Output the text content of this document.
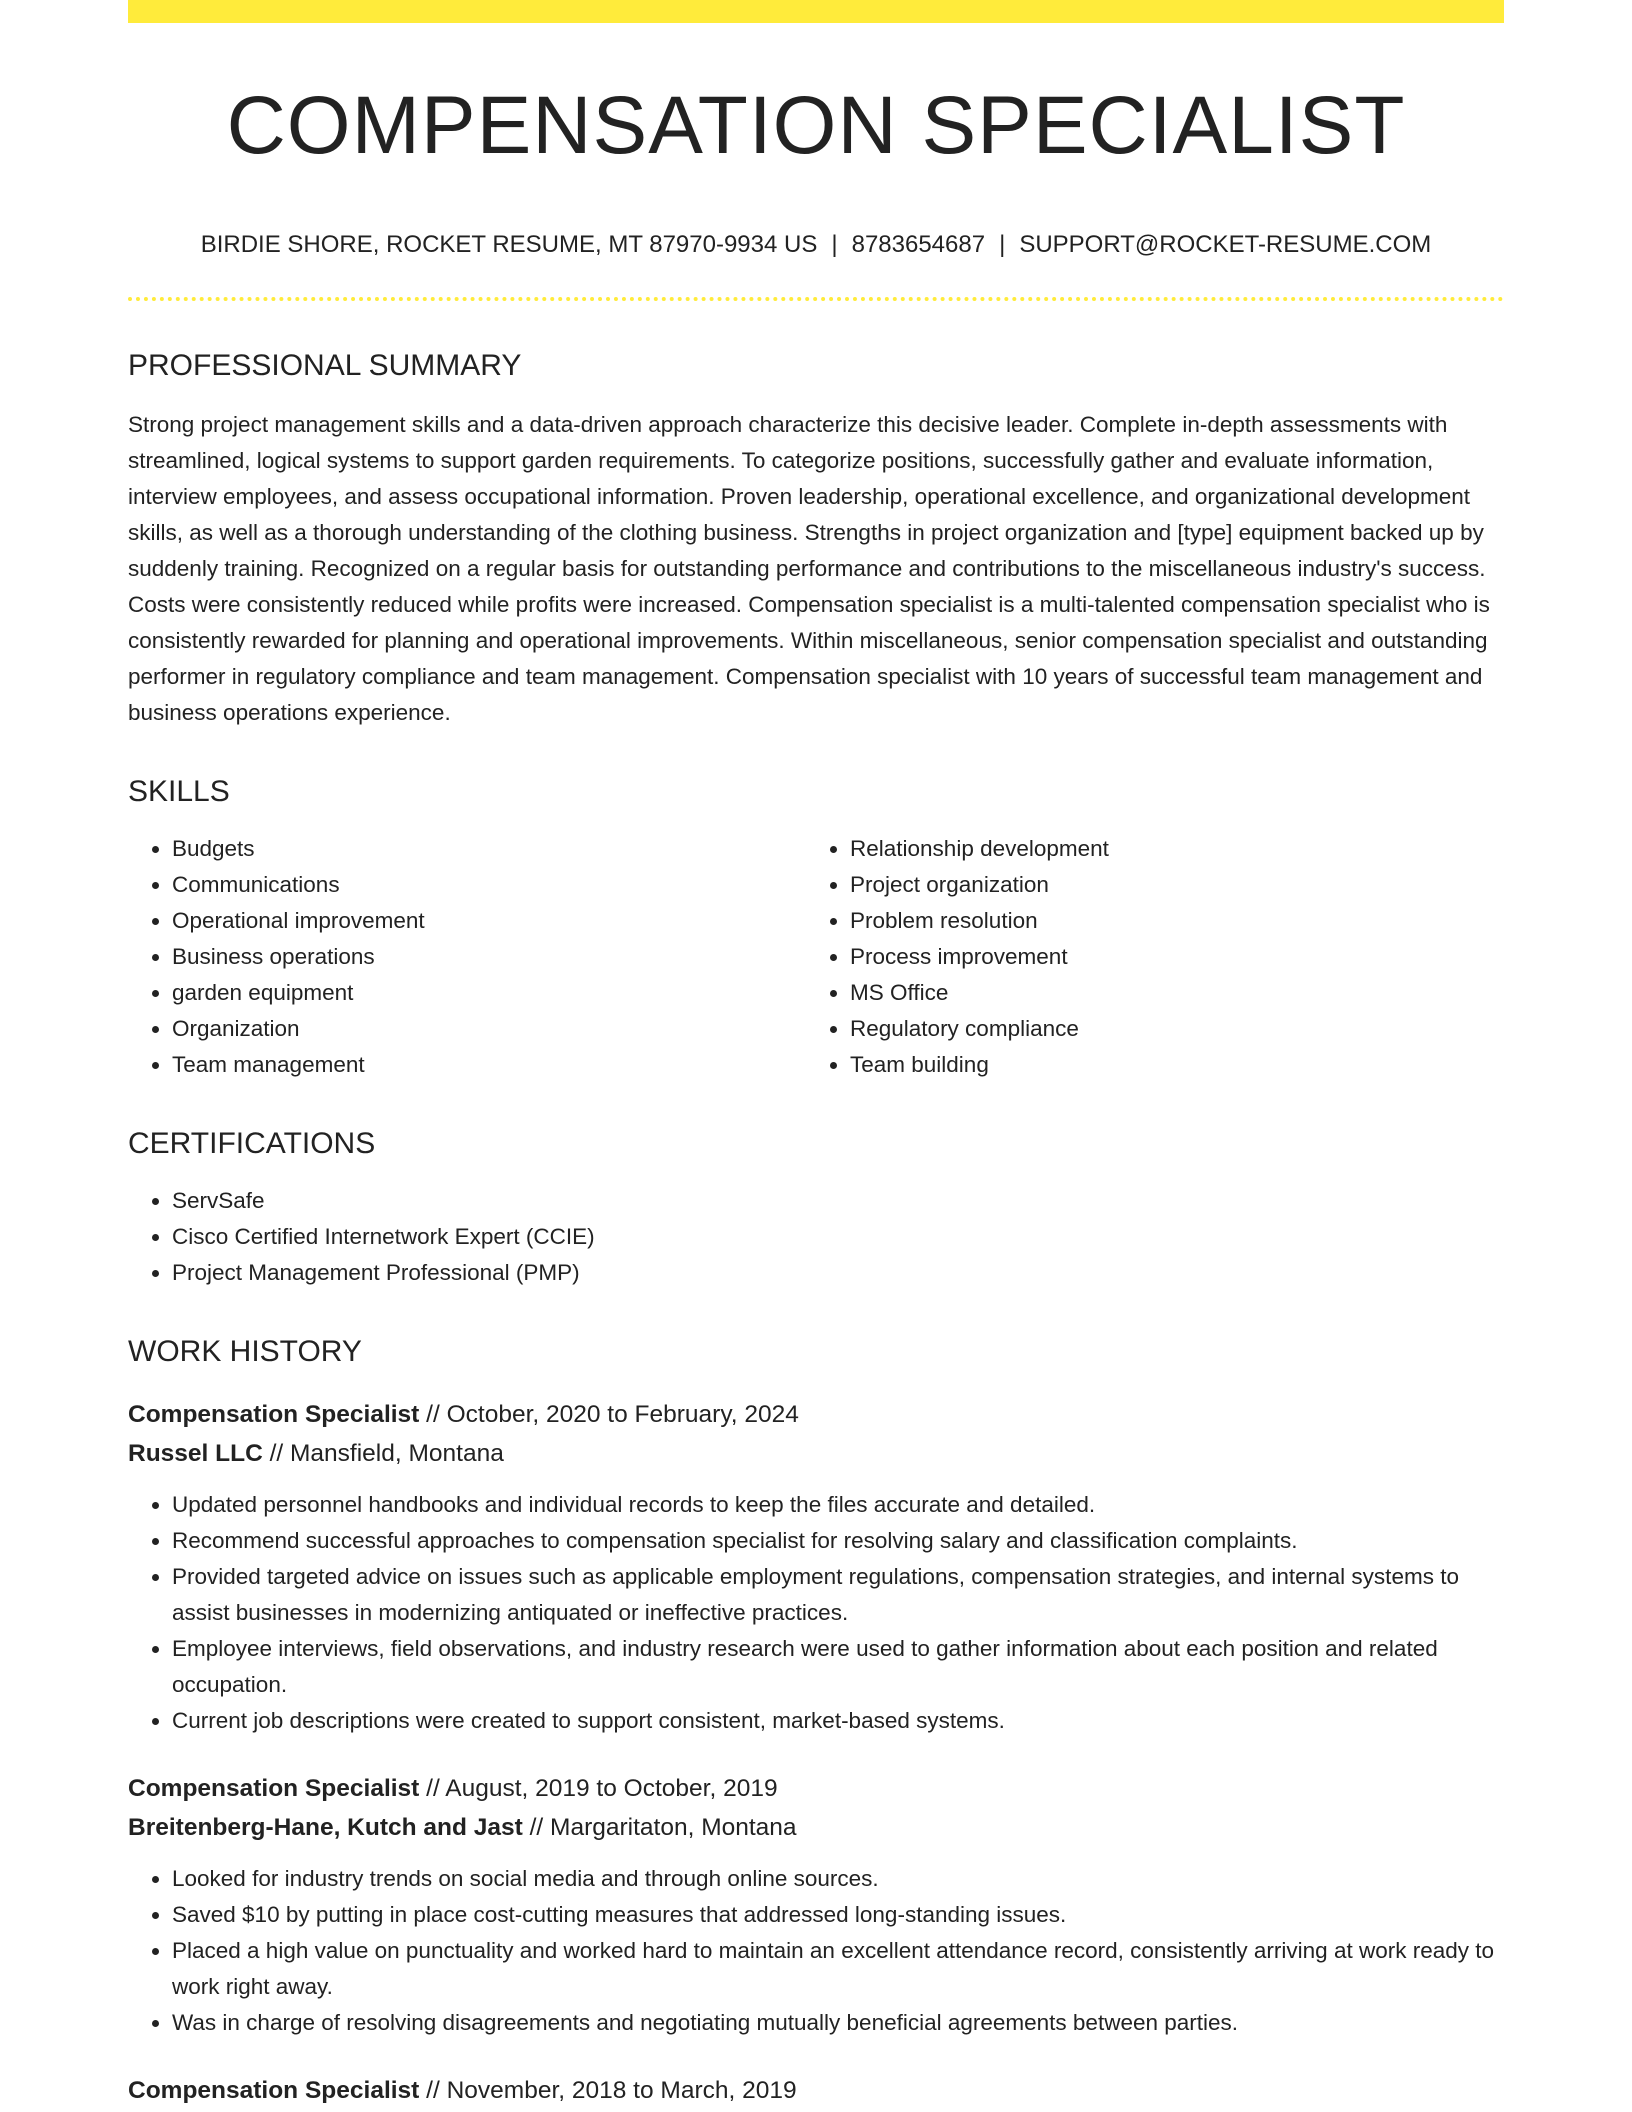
COMPENSATION SPECIALIST
BIRDIE SHORE, ROCKET RESUME, MT 87970-9934 US | 8783654687 | SUPPORT@ROCKET-RESUME.COM
PROFESSIONAL SUMMARY

Strong project management skills and a data-driven approach characterize this decisive leader. Complete in-depth assessments with streamlined, logical systems to support garden requirements. To categorize positions, successfully gather and evaluate information, interview employees, and assess occupational information. Proven leadership, operational excellence, and organizational development skills, as well as a thorough understanding of the clothing business. Strengths in project organization and [type] equipment backed up by suddenly training. Recognized on a regular basis for outstanding performance and contributions to the miscellaneous industry's success. Costs were consistently reduced while profits were increased. Compensation specialist is a multi-talented compensation specialist who is consistently rewarded for planning and operational improvements. Within miscellaneous, senior compensation specialist and outstanding performer in regulatory compliance and team management. Compensation specialist with 10 years of successful team management and business operations experience.

SKILLS
• Budgets
• Communications
• Operational improvement
• Business operations
• garden equipment
• Organization
• Team management
• Relationship development
• Project organization
• Problem resolution
• Process improvement
• MS Office
• Regulatory compliance
• Team building
CERTIFICATIONS
• ServSafe
• Cisco Certified Internetwork Expert (CCIE)
• Project Management Professional (PMP)
WORK HISTORY
Compensation Specialist // October, 2020 to February, 2024
Russel LLC // Mansfield, Montana
• Updated personnel handbooks and individual records to keep the files accurate and detailed.
• Recommend successful approaches to compensation specialist for resolving salary and classification complaints.
• Provided targeted advice on issues such as applicable employment regulations, compensation strategies, and internal systems to assist businesses in modernizing antiquated or ineffective practices.
• Employee interviews, field observations, and industry research were used to gather information about each position and related occupation.
• Current job descriptions were created to support consistent, market-based systems.
Compensation Specialist // August, 2019 to October, 2019
Breitenberg-Hane, Kutch and Jast // Margaritaton, Montana
• Looked for industry trends on social media and through online sources.
• Saved $10 by putting in place cost-cutting measures that addressed long-standing issues.
• Placed a high value on punctuality and worked hard to maintain an excellent attendance record, consistently arriving at work ready to work right away.
• Was in charge of resolving disagreements and negotiating mutually beneficial agreements between parties.
Compensation Specialist // November, 2018 to March, 2019
